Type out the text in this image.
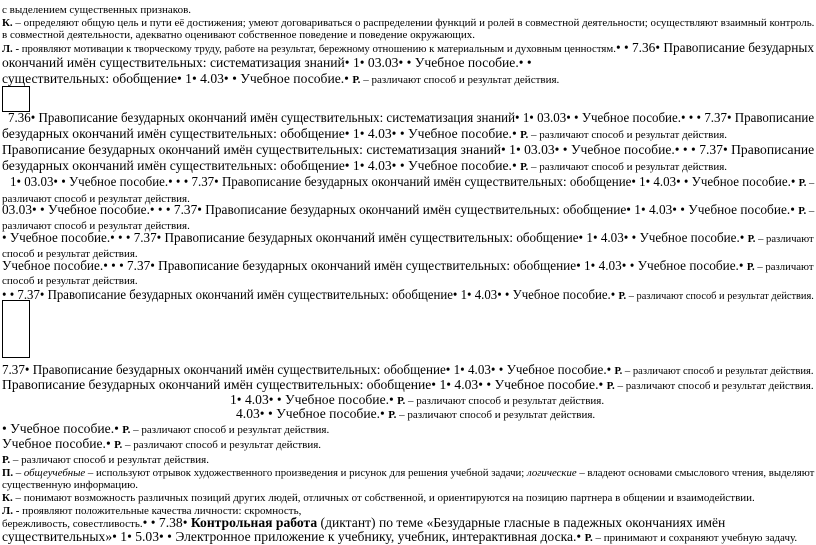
с выделением существенных признаков.
К. – определяют общую цель и пути её достижения; умеют договариваться о распределении функций и ролей в совместной деятельности; осуществляют взаимный контроль.
в совместной деятельности, адекватно оценивают собственное поведение и поведение окружающих.
Л. - проявляют мотивации к творческому труду, работе на результат, бережному отношению к материальным и духовным ценностям.• • 7.36• Правописание безударных
окончаний имён существительных: систематизация знаний• 1• 03.03• • Учебное пособие.• •
существительных: обобщение• 1• 4.03• • Учебное пособие.• Р. – различают способ и результат действия.
7.36• Правописание безударных окончаний имён существительных: систематизация знаний• 1• 03.03• • Учебное пособие.• • • 7.37• Правописание
безударных окончаний имён существительных: обобщение• 1• 4.03• • Учебное пособие.• Р. – различают способ и результат действия.
Правописание безударных окончаний имён существительных: систематизация знаний• 1• 03.03• • Учебное пособие.• • • 7.37• Правописание
безударных окончаний имён существительных: обобщение• 1• 4.03• • Учебное пособие.• Р. – различают способ и результат действия.
1• 03.03• • Учебное пособие.• • • 7.37• Правописание безударных окончаний имён существительных: обобщение• 1• 4.03• • Учебное пособие.• Р. –
различают способ и результат действия.
03.03• • Учебное пособие.• • • 7.37• Правописание безударных окончаний имён существительных: обобщение• 1• 4.03• • Учебное пособие.• Р. –
различают способ и результат действия.
• Учебное пособие.• • • 7.37• Правописание безударных окончаний имён существительных: обобщение• 1• 4.03• • Учебное пособие.• Р. – различают
способ и результат действия.
Учебное пособие.• • • 7.37• Правописание безударных окончаний имён существительных: обобщение• 1• 4.03• • Учебное пособие.• Р. – различают
способ и результат действия.
• • 7.37• Правописание безударных окончаний имён существительных: обобщение• 1• 4.03• • Учебное пособие.• Р. – различают способ и результат действия.
7.37• Правописание безударных окончаний имён существительных: обобщение• 1• 4.03• • Учебное пособие.• Р. – различают способ и результат действия.
Правописание безударных окончаний имён существительных: обобщение• 1• 4.03• • Учебное пособие.• Р. – различают способ и результат действия.
1• 4.03• • Учебное пособие.• Р. – различают способ и результат действия.
4.03• • Учебное пособие.• Р. – различают способ и результат действия.
• Учебное пособие.• Р. – различают способ и результат действия.
Учебное пособие.• Р. – различают способ и результат действия.
Р. – различают способ и результат действия.
П. – общеучебные – используют отрывок художественного произведения и рисунок для решения учебной задачи; логические – владеют основами смыслового чтения, выделяют
существенную информацию.
К. – понимают возможность различных позиций других людей, отличных от собственной, и ориентируются на позицию партнера в общении и взаимодействии.
Л. - проявляют положительные качества личности: скромность,
бережливость, совестливость.• • 7.38• Контрольная работа (диктант) по теме «Безударные гласные в падежных окончаниях имён
существительных»• 1• 5.03• • Электронное приложение к учебнику, учебник, интерактивная доска.• Р. – принимают и сохраняют учебную задачу.
